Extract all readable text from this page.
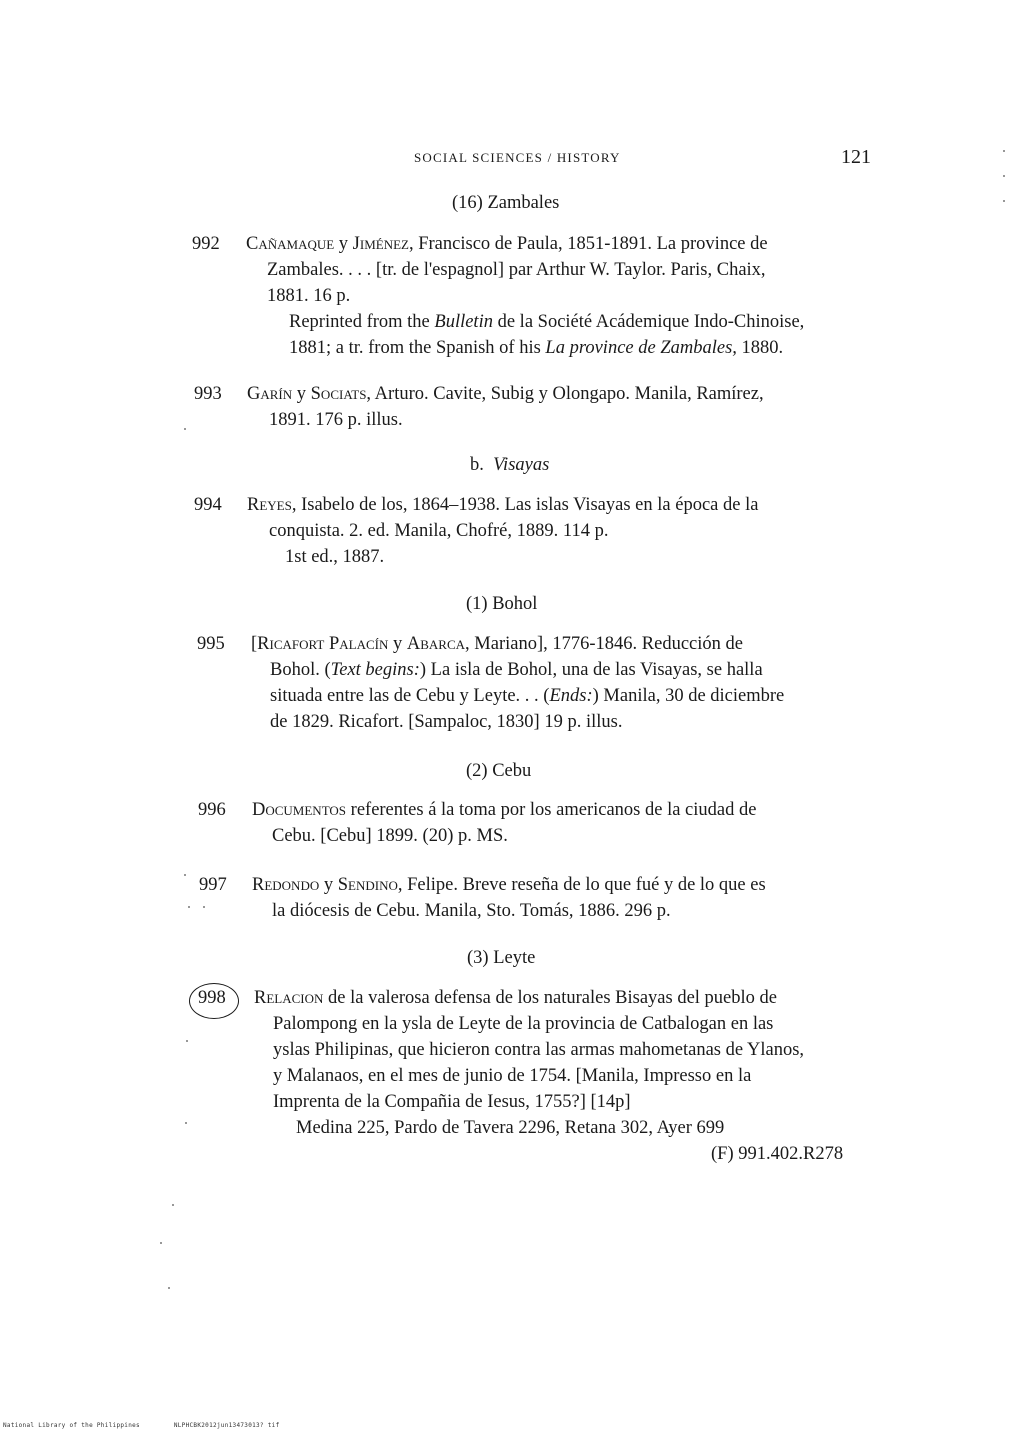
SOCIAL SCIENCES / HISTORY	121
(16) Zambales
992	Cañamaque y Jiménez, Francisco de Paula, 1851-1891. La province de
Zambales. . . . [tr. de l'espagnol] par Arthur W. Taylor. Paris, Chaix,
1881. 16 p.
Reprinted from the Bulletin de la Société Acádemique Indo-Chinoise,
1881; a tr. from the Spanish of his La province de Zambales, 1880.
993	Garín y Sociats, Arturo. Cavite, Subig y Olongapo. Manila, Ramírez,
1891. 176 p. illus.
b. Visayas
994	Reyes, Isabelo de los, 1864–1938. Las islas Visayas en la época de la
conquista. 2. ed. Manila, Chofré, 1889. 114 p.
1st ed., 1887.
(1) Bohol
995	[Ricafort Palacín y Abarca, Mariano], 1776-1846. Reducción de
Bohol. (Text begins:) La isla de Bohol, una de las Visayas, se halla
situada entre las de Cebu y Leyte. . . (Ends:) Manila, 30 de diciembre
de 1829. Ricafort. [Sampaloc, 1830] 19 p. illus.
(2) Cebu
996	Documentos referentes á la toma por los americanos de la ciudad de
Cebu. [Cebu] 1899. (20) p. MS.
997	Redondo y Sendino, Felipe. Breve reseña de lo que fué y de lo que es
la diócesis de Cebu. Manila, Sto. Tomás, 1886. 296 p.
(3) Leyte
998	Relacion de la valerosa defensa de los naturales Bisayas del pueblo de
Palompong en la ysla de Leyte de la provincia de Catbalogan en las
yslas Philipinas, que hicieron contra las armas mahometanas de Ylanos,
y Malanaos, en el mes de junio de 1754. [Manila, Impresso en la
Imprenta de la Compañia de Iesus, 1755?] [14p]
Medina 225, Pardo de Tavera 2296, Retana 302, Ayer 699
(F) 991.402.R278
National Library of the Philippines	NLPHCBK2012jun13473013? tif
